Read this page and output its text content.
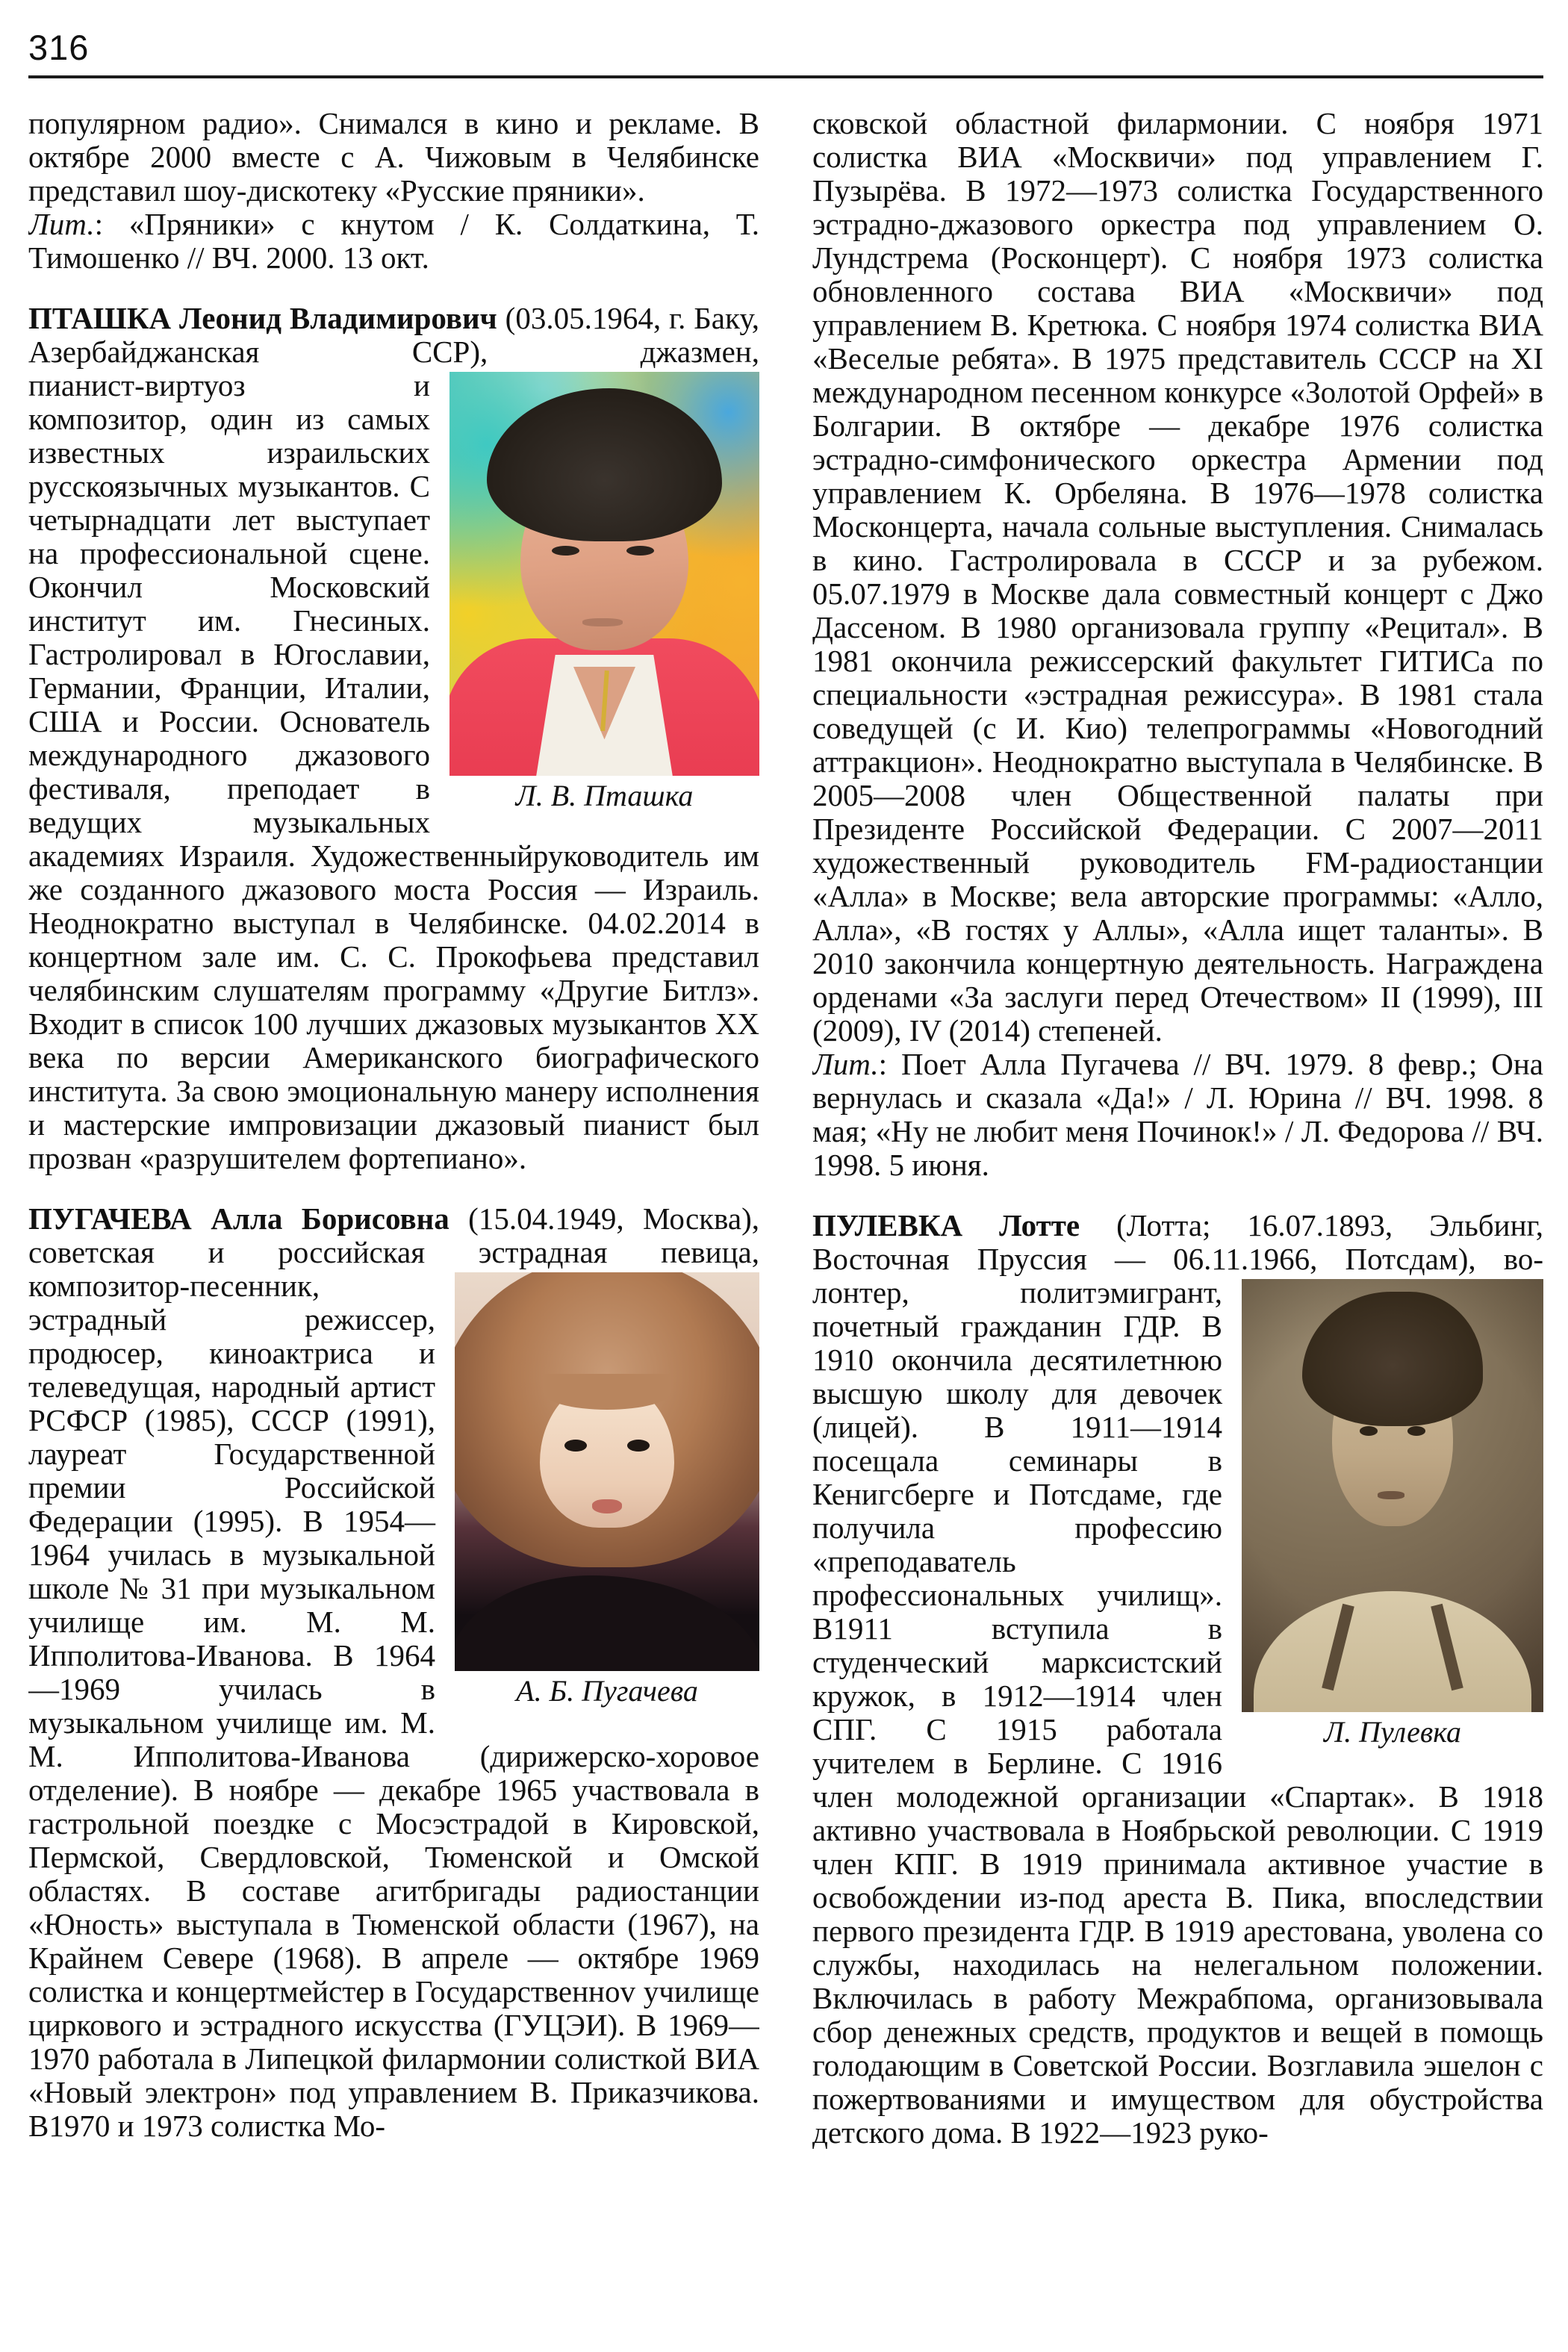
316

популярном радио». Снимался в кино и рекламе. В октябре 2000 вместе с А. Чижовым в Челябинске представил шоу-дискотеку «Русские пряники».

Лит.: «Пряники» с кнутом / К. Солдаткина, Т. Тимошенко // ВЧ. 2000. 13 окт.

ПТАШКА Леонид Владимирович (03.05.1964, г. Баку, Азербайджанская ССР), джазмен,

Л. В. Пташка

пианист-виртуоз и композитор, один из самых известных израильских русскоязычных музыкантов. С четырнадцати лет выступает на профессиональной сцене. Окончил Московский институт им. Гнесиных. Гастролировал в Югославии, Германии, Франции, Италии, США и России. Основатель международного джазового фестиваля, преподает в ведущих музыкальных академиях Израиля. Художественныйруководитель им же созданного джазового моста Россия — Израиль. Неоднократно выступал в Челябинске. 04.02.2014 в концертном зале им. С. С. Прокофьева представил челябинским слушателям программу «Другие Битлз». Входит в список 100 лучших джазовых музыкантов XX века по версии Американского биографического института. За свою эмоциональную манеру исполнения и мастерские импровизации джазовый пианист был прозван «разрушителем фортепиано».

ПУГАЧЕВА Алла Борисовна (15.04.1949, Москва), советская и российская эстрадная певица,

А. Б. Пугачева

композитор-песенник, эстрадный режиссер, продюсер, киноактриса и телеведущая, народный артист РСФСР (1985), СССР (1991), лауреат Государственной премии Российской Федерации (1995). В 1954—1964 училась в музыкальной школе № 31 при музыкальном училище им. М. М. Ипполитова-Иванова. В 1964—1969 училась в музыкальном училище им. М. М. Ипполитова-Иванова (дирижерско-хоровое отделение). В ноябре — декабре 1965 участвовала в гастрольной поездке с Мосэстрадой в Кировской, Пермской, Свердловской, Тюменской и Омской областях. В составе агитбригады радиостанции «Юность» выступала в Тюменской области (1967), на Крайнем Севере (1968). В апреле — октябре 1969 солистка и концертмейстер в Государственнov училище циркового и эстрадного искусства (ГУЦЭИ). В 1969—1970 работала в Липецкой филармонии солисткой ВИА «Новый электрон» под управлением В. Приказчикова. В1970 и 1973 солистка Мо-

сковской областной филармонии. С ноября 1971 солистка ВИА «Москвичи» под управлением Г. Пузырёва. В 1972—1973 солистка Государственного эстрадно-джазового оркестра под управлением О. Лундстрема (Росконцерт). С ноября 1973 солистка обновленного состава ВИА «Москвичи» под управлением В. Кретюка. С ноября 1974 солистка ВИА «Веселые ребята». В 1975 представитель СССР на XI международном песенном конкурсе «Золотой Орфей» в Болгарии. В октябре — декабре 1976 солистка эстрадно-симфонического оркестра Армении под управлением К. Орбеляна. В 1976—1978 солистка Москонцерта, начала сольные выступления. Снималась в кино. Гастролировала в СССР и за рубежом. 05.07.1979 в Москве дала совместный концерт с Джо Дассеном. В 1980 организовала группу «Рецитал». В 1981 окончила режиссерский факультет ГИТИСа по специальности «эстрадная режиссура». В 1981 стала соведущей (с И. Кио) телепрограммы «Новогодний аттракцион». Неоднократно выступала в Челябинске. В 2005—2008 член Общественной палаты при Президенте Российской Федерации. С 2007—2011 художественный руководитель FM-радиостанции «Алла» в Москве; вела авторские программы: «Алло, Алла», «В гостях у Аллы», «Алла ищет таланты». В 2010 закончила концертную деятельность. Награждена орденами «За заслуги перед Отечеством» II (1999), III (2009), IV (2014) степеней.

Лит.: Поет Алла Пугачева // ВЧ. 1979. 8 февр.; Она вернулась и сказала «Да!» / Л. Юрина // ВЧ. 1998. 8 мая; «Ну не любит меня Починок!» / Л. Федорова // ВЧ. 1998. 5 июня.

ПУЛЕВКА Лотте (Лотта; 16.07.1893, Эльбинг, Восточная Пруссия — 06.11.1966, Потсдам), во-

Л. Пулевка

лонтер, политэмигрант, почетный гражданин ГДР. В 1910 окончила десятилетнюю высшую школу для девочек (лицей). В 1911—1914 посещала семинары в Кенигсберге и Потсдаме, где получила профессию «преподаватель профессиональных училищ». В1911 вступила в студенческий марксистский кружок, в 1912—1914 член СПГ. С 1915 работала учителем в Берлине. С 1916 член молодежной организации «Спартак». В 1918 активно участвовала в Ноябрьской революции. С 1919 член КПГ. В 1919 принимала активное участие в освобождении из-под ареста В. Пика, впоследствии первого президента ГДР. В 1919 арестована, уволена со службы, находилась на нелегальном положении. Включилась в работу Межрабпома, организовывала сбор денежных средств, продуктов и вещей в помощь голодающим в Советской России. Возглавила эшелон с пожертвованиями и имуществом для обустройства детского дома. В 1922—1923 руко-
